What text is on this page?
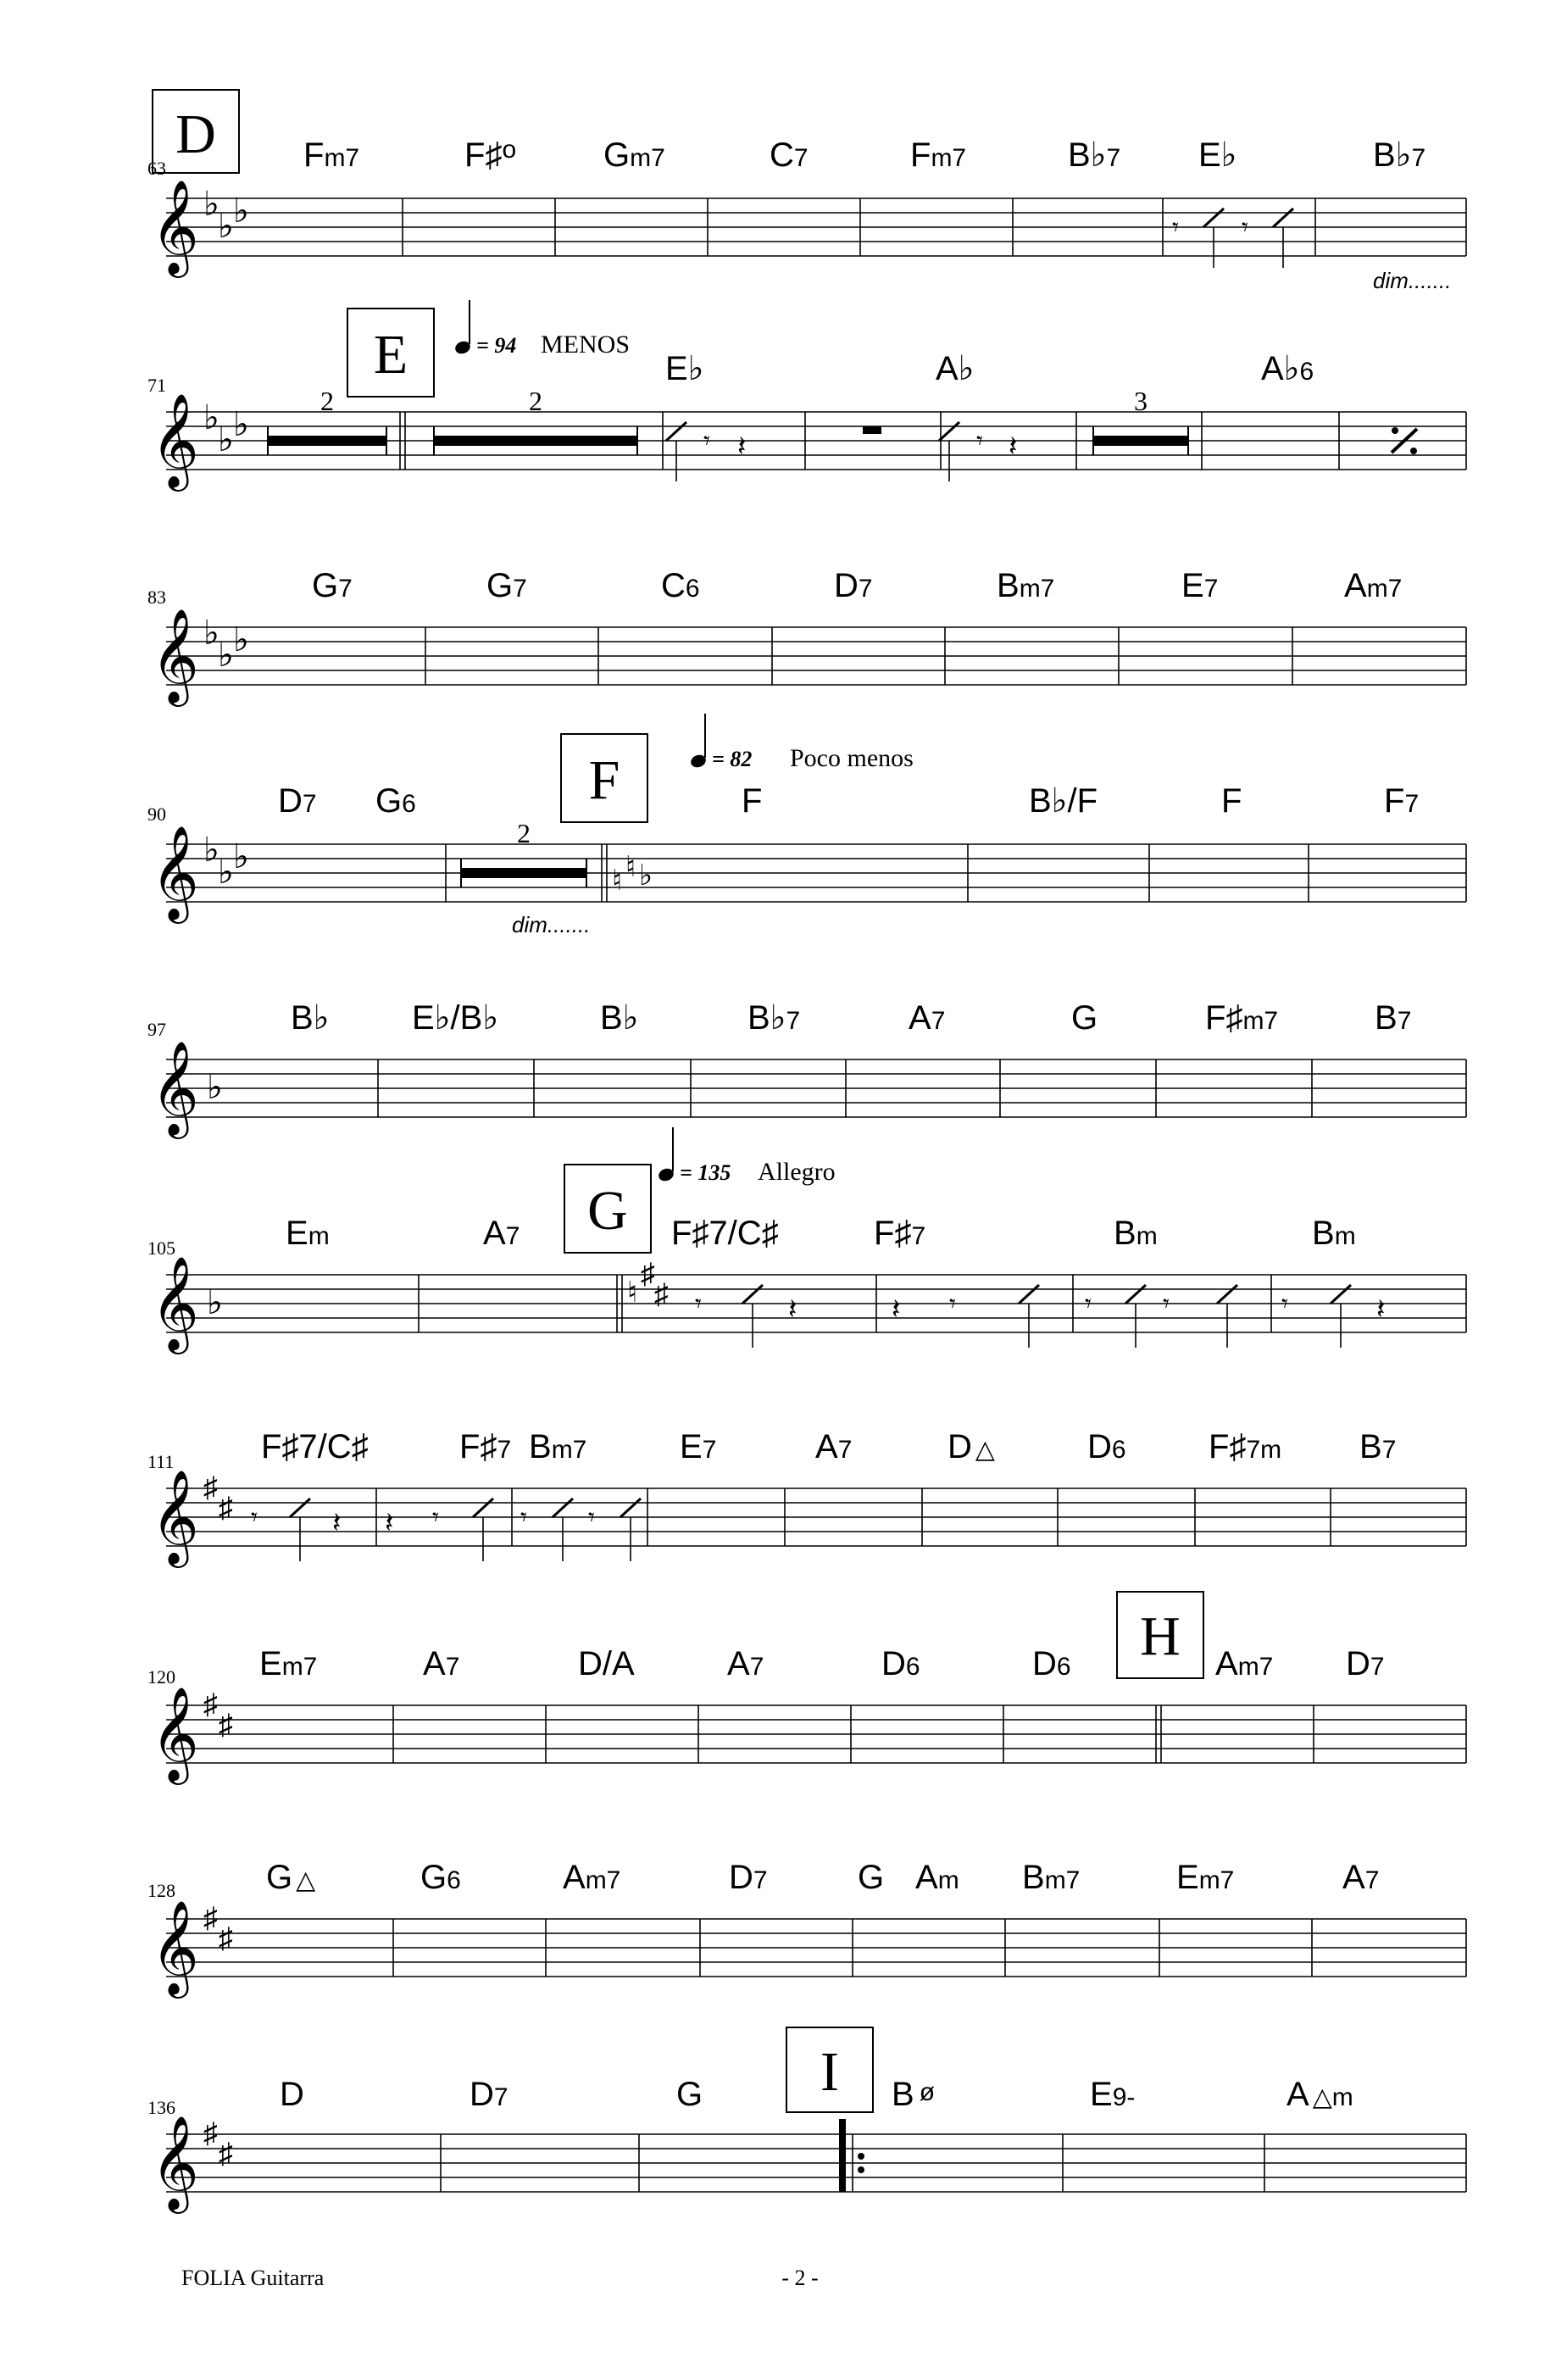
63
D
𝄞 ♭
♭ ♭	𝄾 𝄾
dim.......
Fm7	F♯$^o$	Gm7	C7	Fm7	B♭7 E♭	B♭7
71	E	= 94 MENOS
𝄞 ♭
♭ ♭
2	2
𝄾 𝄽	𝄾 𝄽
3
E♭	A♭	A♭6
83
𝄞 ♭
♭ ♭
G7	G7	C6	D7	Bm7	E7	Am7
90
F	= 82 Poco menos
𝄞 ♭
♭ ♭
♮ ♮ ♭
2
dim.......
D7 G6	F	B♭/F	F	F7
97
𝄞 ♭
B♭ E♭/B♭	B♭	B♭7	A7	G	F♯m7	B7
105
G
= 135 Allegro
𝄞 ♭	♮
♯
♯ 𝄾	𝄽	𝄽 𝄾	𝄾	𝄾	𝄾	𝄽
Em	A7	F♯7/C♯	F♯7	Bm	Bm
111
𝄞 ♯
♯ 𝄾	𝄽 𝄽 𝄾	𝄾 𝄾
F♯7/C♯	F♯7 Bm7	E7	A7	D △	D6 F♯7m B7
120
H
𝄞 ♯
♯
Em7	A7	D/A	A7	D6	D6	Am7 D7
128
𝄞 ♯
♯
G △	G6	Am7	D7	G Am Bm7	Em7	A7
136
I
𝄞 ♯
♯
D	D7	G	B ø	E9-	A △m
FOLIA Guitarra	- 2 -
